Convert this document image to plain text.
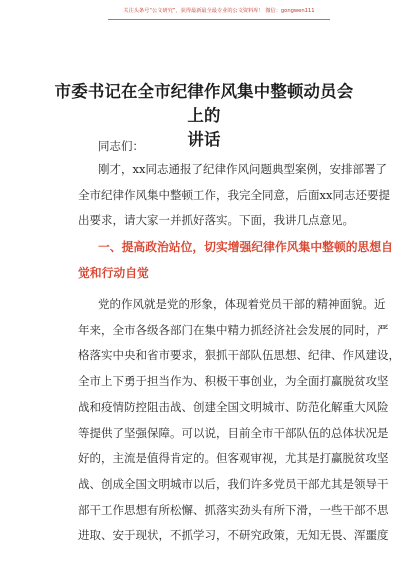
关注头条号“公文研究”，获得最新最全最专业的公文资料库！ 微信：gongwen111
市委书记在全市纪律作风集中整顿动员会上的
讲话
同志们：
刚才，xx同志通报了纪律作风问题典型案例，安排部署了
全市纪律作风集中整顿工作，我完全同意，后面xx同志还要提
出要求，请大家一并抓好落实。下面，我讲几点意见。
一、提高政治站位，切实增强纪律作风集中整顿的思想自
觉和行动自觉
党的作风就是党的形象，体现着党员干部的精神面貌。近
年来，全市各级各部门在集中精力抓经济社会发展的同时，严
格落实中央和省市要求，狠抓干部队伍思想、纪律、作风建设，
全市上下勇于担当作为、积极干事创业，为全面打赢脱贫攻坚
战和疫情防控阻击战、创建全国文明城市、防范化解重大风险
等提供了坚强保障。可以说，目前全市干部队伍的总体状况是
好的，主流是值得肯定的。但客观审视，尤其是打赢脱贫攻坚
战、创成全国文明城市以后，我们许多党员干部尤其是领导干
部干工作思想有所松懈、抓落实劲头有所下滑，一些干部不思
进取、安于现状，不抓学习，不研究政策，无知无畏、浑噩度
